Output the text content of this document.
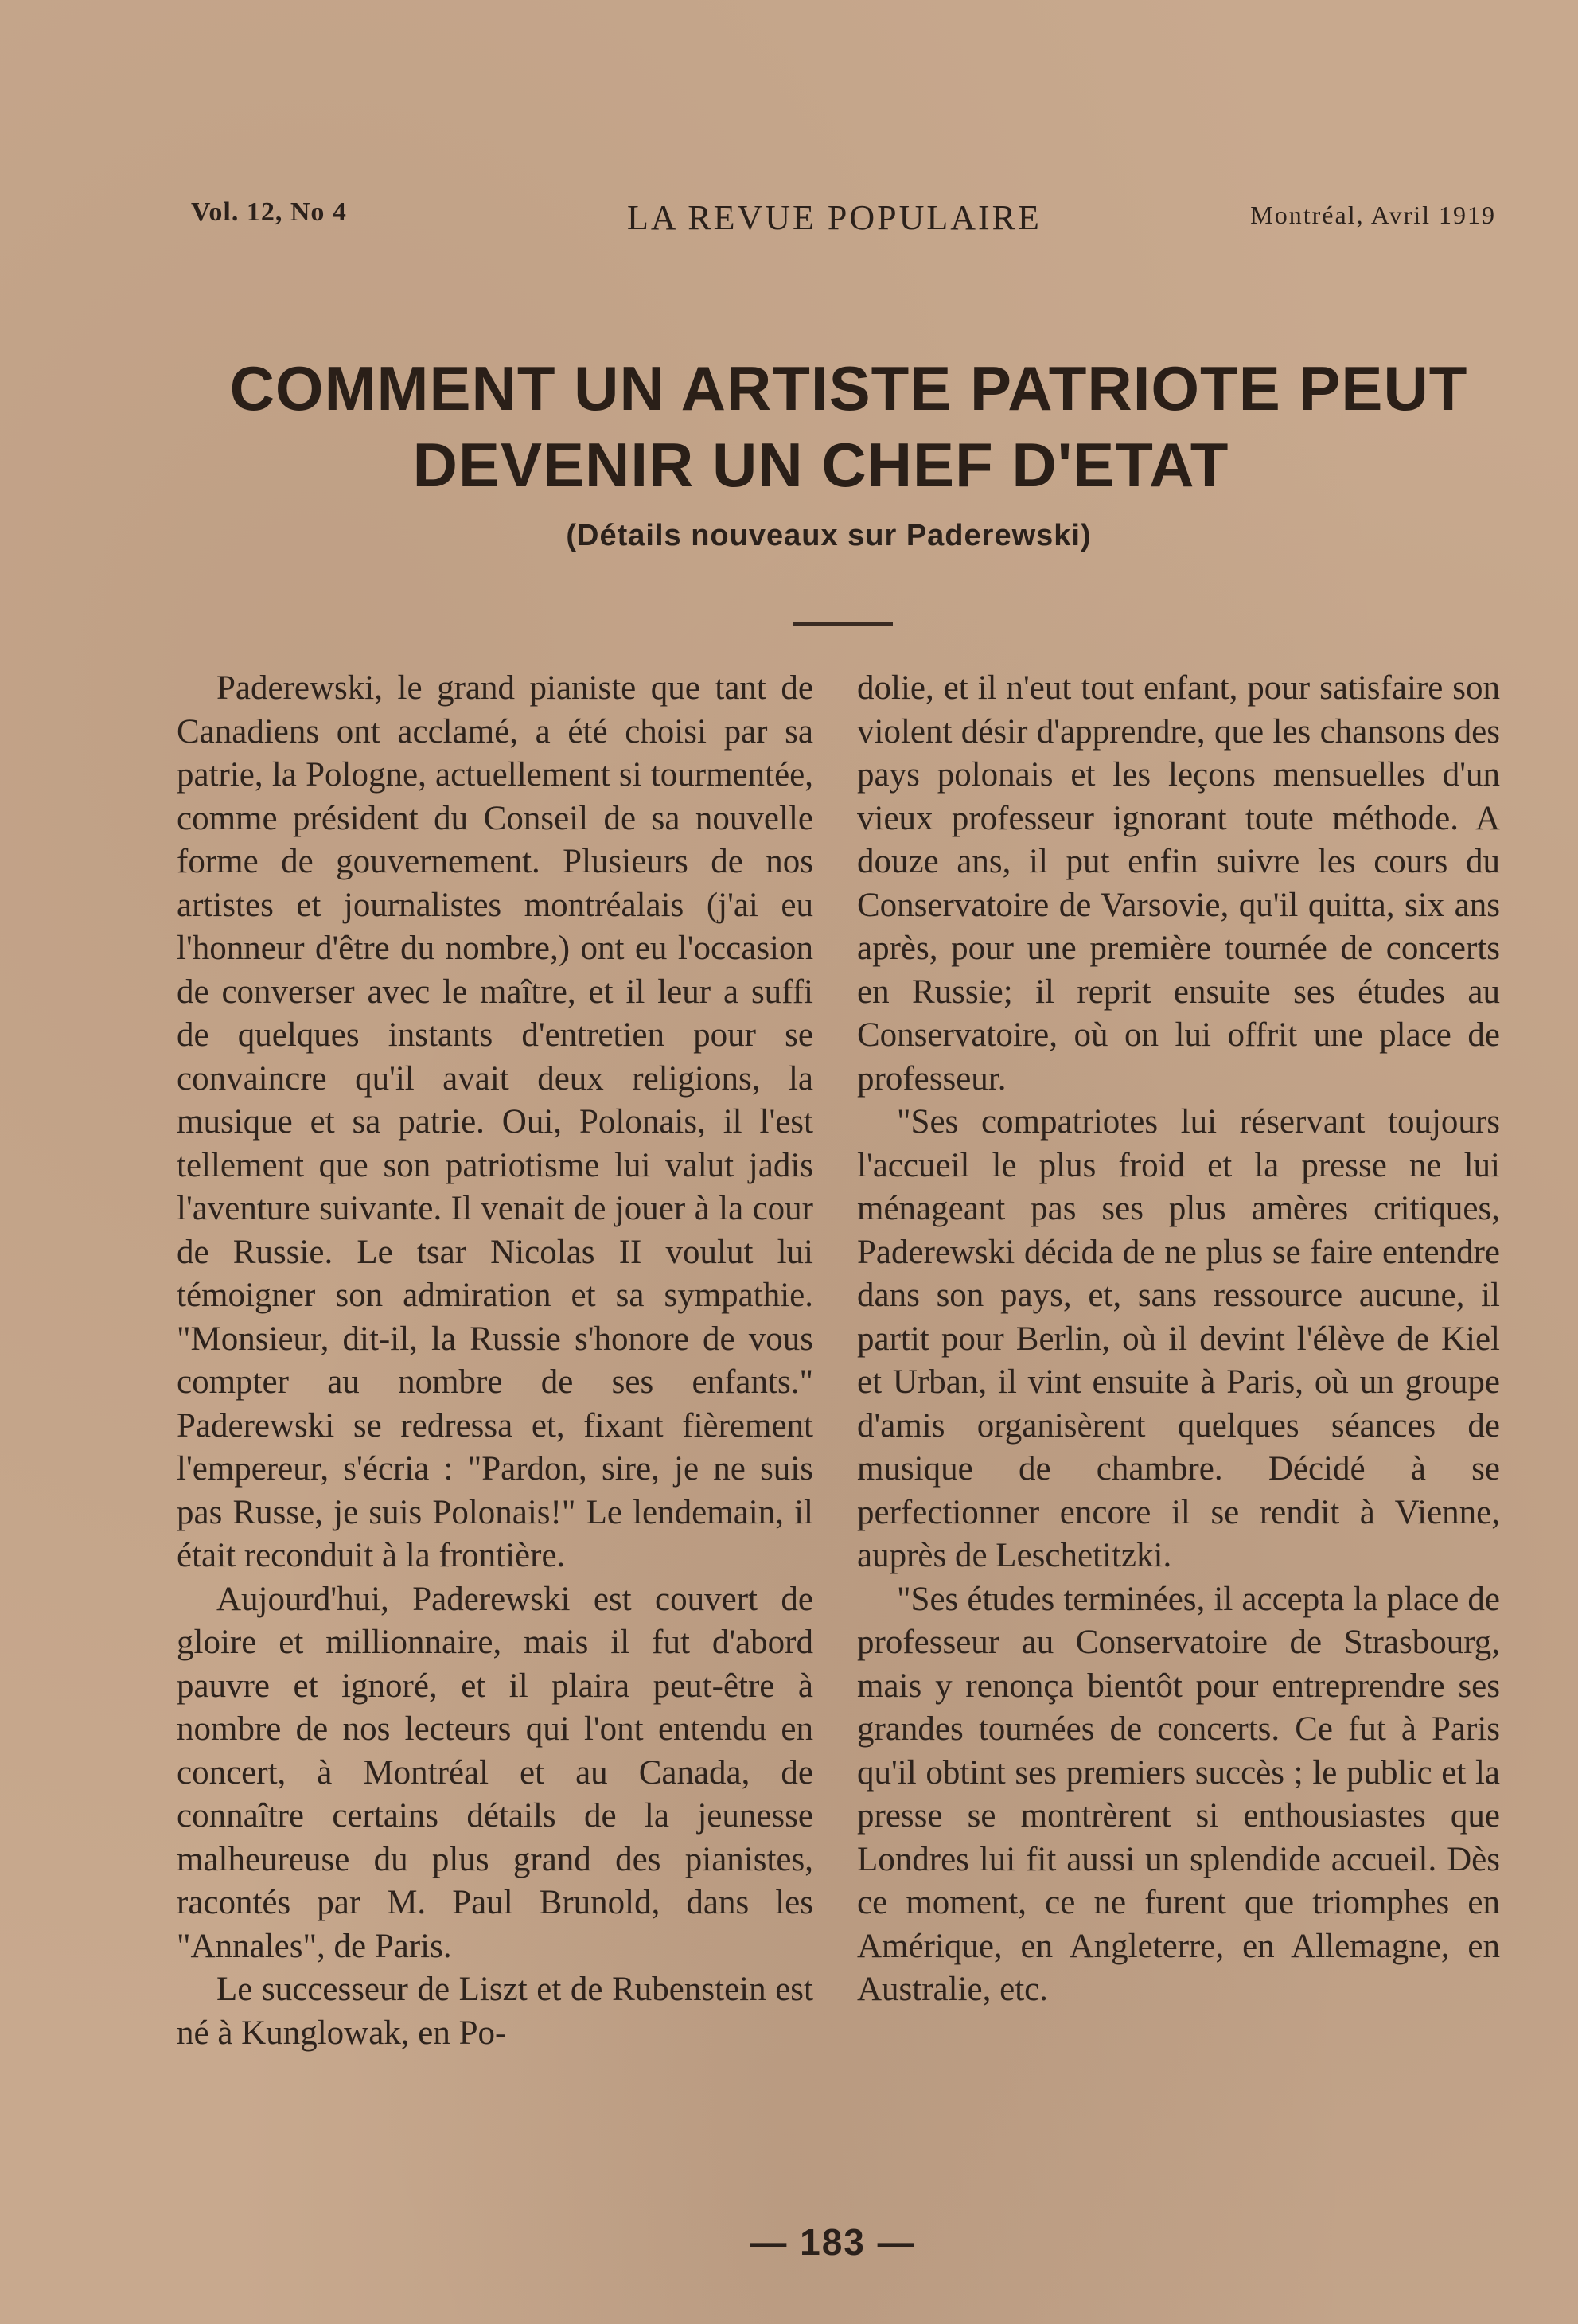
Vol. 12, No 4	LA REVUE POPULAIRE	Montréal, Avril 1919
COMMENT UN ARTISTE PATRIOTE PEUT
DEVENIR UN CHEF D'ETAT
(Détails nouveaux sur Paderewski)

Paderewski, le grand pianiste que tant de Canadiens ont acclamé, a été choisi par sa patrie, la Pologne, actuellement si tourmentée, comme président du Conseil de sa nouvelle forme de gouvernement. Plusieurs de nos artistes et journalistes montréalais (j'ai eu l'honneur d'être du nombre,) ont eu l'occasion de converser avec le maître, et il leur a suffi de quelques instants d'entretien pour se convaincre qu'il avait deux religions, la musique et sa patrie. Oui, Polonais, il l'est tellement que son patriotisme lui valut jadis l'aventure suivante. Il venait de jouer à la cour de Russie. Le tsar Nicolas II voulut lui témoigner son admiration et sa sympathie. "Monsieur, dit-il, la Russie s'honore de vous compter au nombre de ses enfants." Paderewski se redressa et, fixant fièrement l'empereur, s'écria : "Pardon, sire, je ne suis pas Russe, je suis Polonais!" Le lendemain, il était reconduit à la frontière.

Aujourd'hui, Paderewski est couvert de gloire et millionnaire, mais il fut d'abord pauvre et ignoré, et il plaira peut-être à nombre de nos lecteurs qui l'ont entendu en concert, à Montréal et au Canada, de connaître certains détails de la jeunesse malheureuse du plus grand des pianistes, racontés par M. Paul Brunold, dans les "Annales", de Paris.

Le successeur de Liszt et de Rubenstein est né à Kunglowak, en Po-

dolie, et il n'eut tout enfant, pour satisfaire son violent désir d'apprendre, que les chansons des pays polonais et les leçons mensuelles d'un vieux professeur ignorant toute méthode. A douze ans, il put enfin suivre les cours du Conservatoire de Varsovie, qu'il quitta, six ans après, pour une première tournée de concerts en Russie; il reprit ensuite ses études au Conservatoire, où on lui offrit une place de professeur.

"Ses compatriotes lui réservant toujours l'accueil le plus froid et la presse ne lui ménageant pas ses plus amères critiques, Paderewski décida de ne plus se faire entendre dans son pays, et, sans ressource aucune, il partit pour Berlin, où il devint l'élève de Kiel et Urban, il vint ensuite à Paris, où un groupe d'amis organisèrent quelques séances de musique de chambre. Décidé à se perfectionner encore il se rendit à Vienne, auprès de Leschetitzki.

"Ses études terminées, il accepta la place de professeur au Conservatoire de Strasbourg, mais y renonça bientôt pour entreprendre ses grandes tournées de concerts. Ce fut à Paris qu'il obtint ses premiers succès ; le public et la presse se montrèrent si enthousiastes que Londres lui fit aussi un splendide accueil. Dès ce moment, ce ne furent que triomphes en Amérique, en Angleterre, en Allemagne, en Australie, etc.

— 183 —
